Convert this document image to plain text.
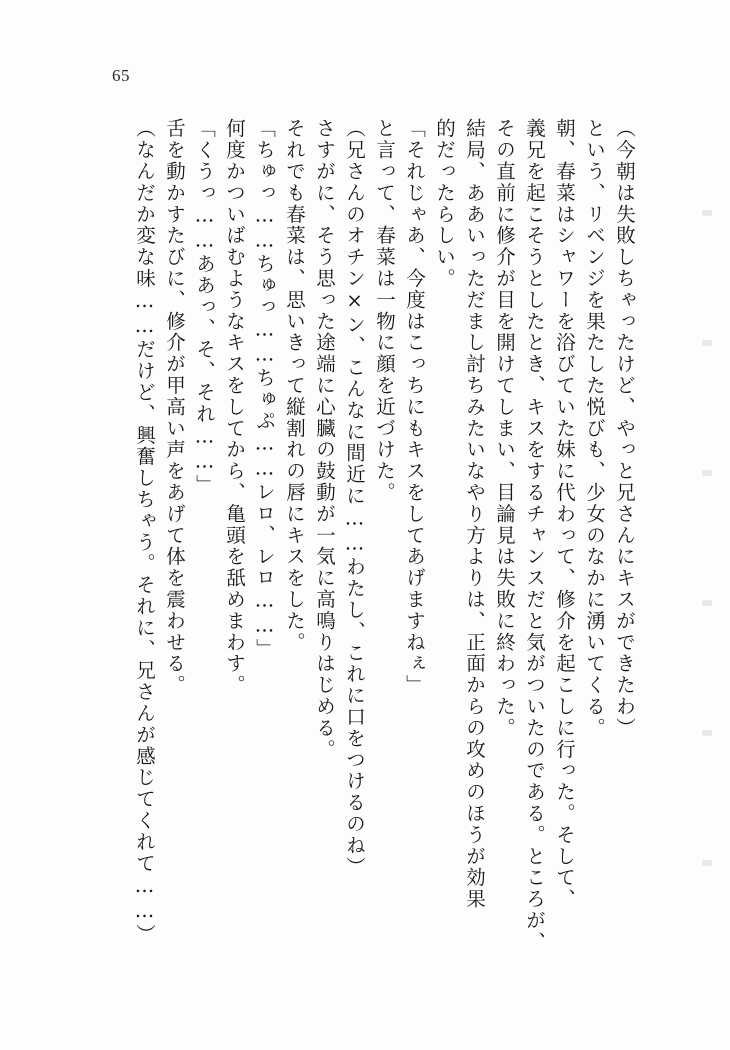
65
（今朝は失敗しちゃったけど、やっと兄さんにキスができたわ）
という、リベンジを果たした悦びも、少女のなかに湧いてくる。
朝、春菜はシャワーを浴びていた妹に代わって、修介を起こしに行った。そして、
義兄を起こそうとしたとき、キスをするチャンスだと気がついたのである。ところが、
その直前に修介が目を開けてしまい、目論見は失敗に終わった。
結局、ああいっただまし討ちみたいなやり方よりは、正面からの攻めのほうが効果
的だったらしい。
「それじゃあ、今度はこっちにもキスをしてあげますねぇ」
と言って、春菜は一物に顔を近づけた。
（兄さんのオチン×ン、こんなに間近に……わたし、これに口をつけるのね）
さすがに、そう思った途端に心臓の鼓動が一気に高鳴りはじめる。
それでも春菜は、思いきって縦割れの唇にキスをした。
「ちゅっ……ちゅっ……ちゅぷ……レロ、レロ……」
何度かついばむようなキスをしてから、亀頭を舐めまわす。
「くうっ……ああっ、そ、それ……」
舌を動かすたびに、修介が甲高い声をあげて体を震わせる。
（なんだか変な味……だけど、興奮しちゃう。それに、兄さんが感じてくれて……）
